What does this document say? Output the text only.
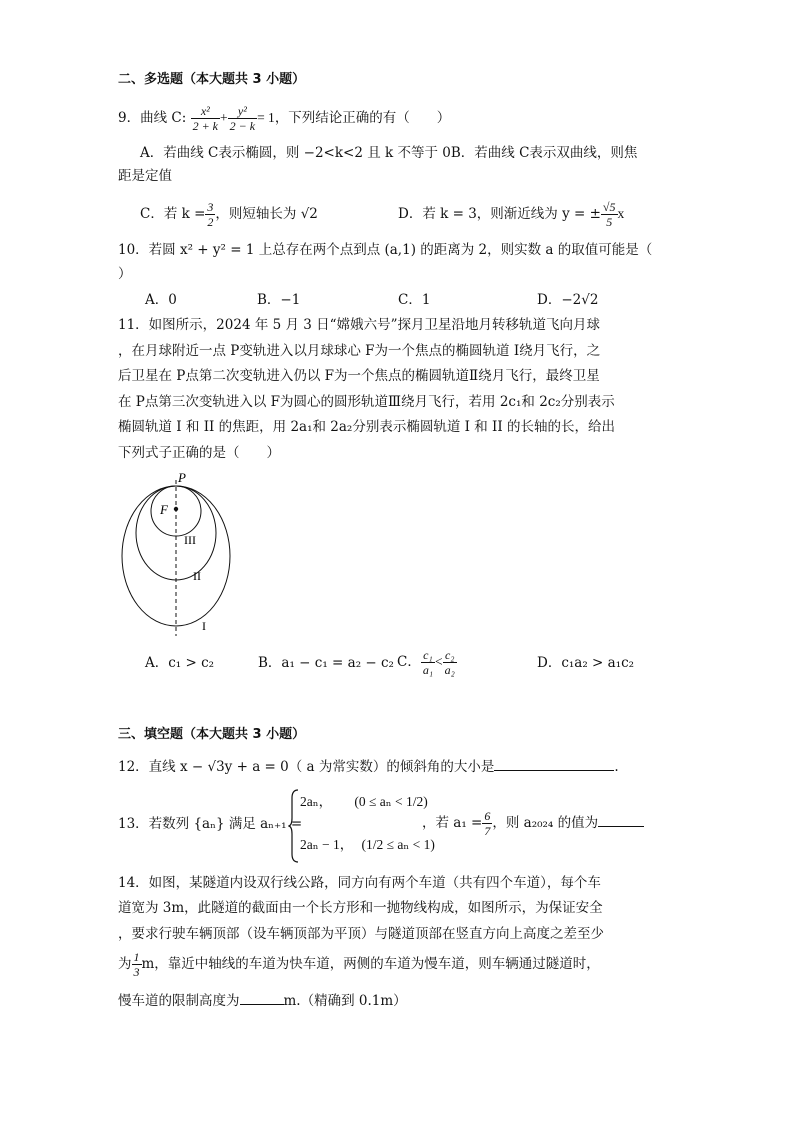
二、多选题（本大题共 3 小题）
9．曲线 C: $\frac{\text{x²}}{2 + k} + \frac{\text{y²}}{2 - k} = 1$，下列结论正确的有（　　）
A．若曲线 C表示椭圆，则 −2<k<2 且 k 不等于 0B．若曲线 C表示双曲线，则焦
距是定值
C．若 $k = \frac{3}{2}$ ，则短轴长为 √2	D．若 k = 3，则渐近线为 y = ± $\frac{√5}{5}$ x
10．若圆 x² + y² = 1 上总存在两个点到点 (a,1) 的距离为 2，则实数 a 的取值可能是（
）
A．0	B．−1	C．1	D．−2√2
11．如图所示，2024 年 5 月 3 日“嫦娥六号”探月卫星沿地月转移轨道飞向月球
，在月球附近一点 P变轨进入以月球球心 F为一个焦点的椭圆轨道 I绕月飞行，之
后卫星在 P点第二次变轨进入仍以 F为一个焦点的椭圆轨道Ⅱ绕月飞行，最终卫星
在 P点第三次变轨进入以 F为圆心的圆形轨道Ⅲ绕月飞行，若用 2c₁和 2c₂分别表示
椭圆轨道 I 和 II 的焦距，用 2a₁和 2a₂分别表示椭圆轨道 I 和 II 的长轴的长，给出
下列式子正确的是（　　）
P
F
III
II
I
A．c₁ > c₂	B．a₁ − c₁ = a₂ − c₂ C． $\frac{\text{c₁}}{\text{a₁}} < \frac{\text{c₂}}{\text{a₂}}$	D．c₁a₂ > a₁c₂
三、填空题（本大题共 3 小题）
12．直线 x − √3y + a = 0（ a 为常实数）的倾斜角的大小是	.
13．若数列 {aₙ} 满足 aₙ₊₁ =
2aₙ， (0 ≤ aₙ < 1/2)
2aₙ − 1， (1/2 ≤ aₙ < 1)
，若 $a_1 = \frac{6}{7}$ ，则 a₂₀₂₄ 的值为
14．如图，某隧道内设双行线公路，同方向有两个车道（共有四个车道），每个车
道宽为 3m，此隧道的截面由一个长方形和一抛物线构成，如图所示，为保证安全
，要求行驶车辆顶部（设车辆顶部为平顶）与隧道顶部在竖直方向上高度之差至少
为 $\frac{1}{3}$ m，靠近中轴线的车道为快车道，两侧的车道为慢车道，则车辆通过隧道时，
慢车道的限制高度为	m.（精确到 0.1m）
